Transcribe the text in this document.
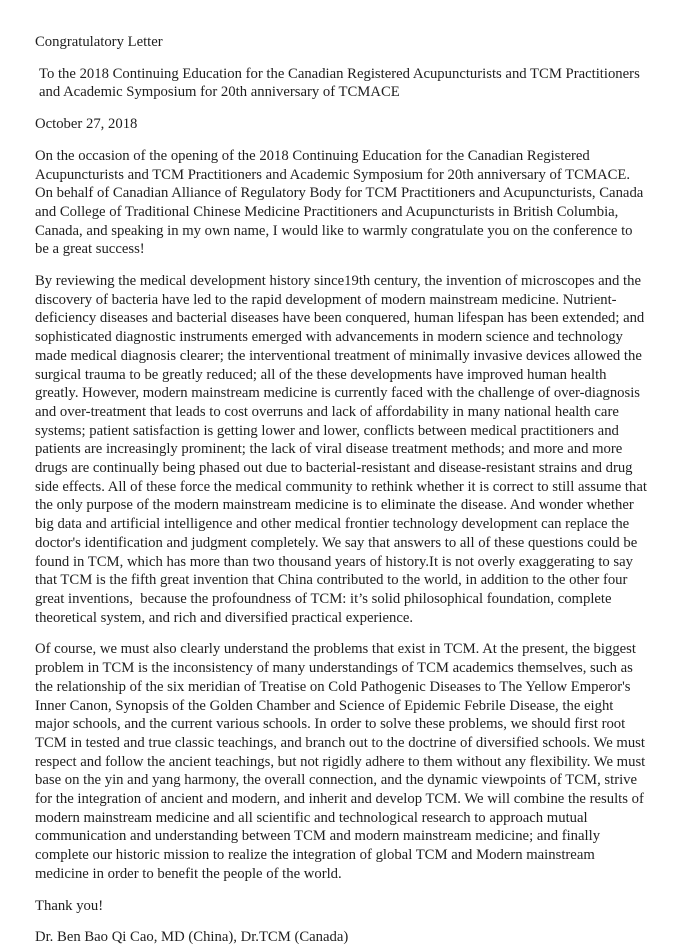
Congratulatory Letter

To the 2018 Continuing Education for the Canadian Registered Acupuncturists and TCM Practitioners and Academic Symposium for 20th anniversary of TCMACE

October 27, 2018

On the occasion of the opening of the 2018 Continuing Education for the Canadian Registered Acupuncturists and TCM Practitioners and Academic Symposium for 20th anniversary of TCMACE. On behalf of Canadian Alliance of Regulatory Body for TCM Practitioners and Acupuncturists, Canada and College of Traditional Chinese Medicine Practitioners and Acupuncturists in British Columbia, Canada, and speaking in my own name, I would like to warmly congratulate you on the conference to be a great success!

By reviewing the medical development history since19th century, the invention of microscopes and the discovery of bacteria have led to the rapid development of modern mainstream medicine. Nutrient-deficiency diseases and bacterial diseases have been conquered, human lifespan has been extended; and sophisticated diagnostic instruments emerged with advancements in modern science and technology made medical diagnosis clearer; the interventional treatment of minimally invasive devices allowed the surgical trauma to be greatly reduced; all of the these developments have improved human health greatly. However, modern mainstream medicine is currently faced with the challenge of over-diagnosis and over-treatment that leads to cost overruns and lack of affordability in many national health care systems; patient satisfaction is getting lower and lower, conflicts between medical practitioners and patients are increasingly prominent; the lack of viral disease treatment methods; and more and more drugs are continually being phased out due to bacterial-resistant and disease-resistant strains and drug side effects. All of these force the medical community to rethink whether it is correct to still assume that the only purpose of the modern mainstream medicine is to eliminate the disease. And wonder whether big data and artificial intelligence and other medical frontier technology development can replace the doctor's identification and judgment completely. We say that answers to all of these questions could be found in TCM, which has more than two thousand years of history.It is not overly exaggerating to say that TCM is the fifth great invention that China contributed to the world, in addition to the other four great inventions, because the profoundness of TCM: it’s solid philosophical foundation, complete theoretical system, and rich and diversified practical experience.

Of course, we must also clearly understand the problems that exist in TCM. At the present, the biggest problem in TCM is the inconsistency of many understandings of TCM academics themselves, such as the relationship of the six meridian of Treatise on Cold Pathogenic Diseases to The Yellow Emperor's Inner Canon, Synopsis of the Golden Chamber and Science of Epidemic Febrile Disease, the eight major schools, and the current various schools. In order to solve these problems, we should first root TCM in tested and true classic teachings, and branch out to the doctrine of diversified schools. We must respect and follow the ancient teachings, but not rigidly adhere to them without any flexibility. We must base on the yin and yang harmony, the overall connection, and the dynamic viewpoints of TCM, strive for the integration of ancient and modern, and inherit and develop TCM. We will combine the results of modern mainstream medicine and all scientific and technological research to approach mutual communication and understanding between TCM and modern mainstream medicine; and finally complete our historic mission to realize the integration of global TCM and Modern mainstream medicine in order to benefit the people of the world.

Thank you!

Dr. Ben Bao Qi Cao, MD (China), Dr.TCM (Canada)
